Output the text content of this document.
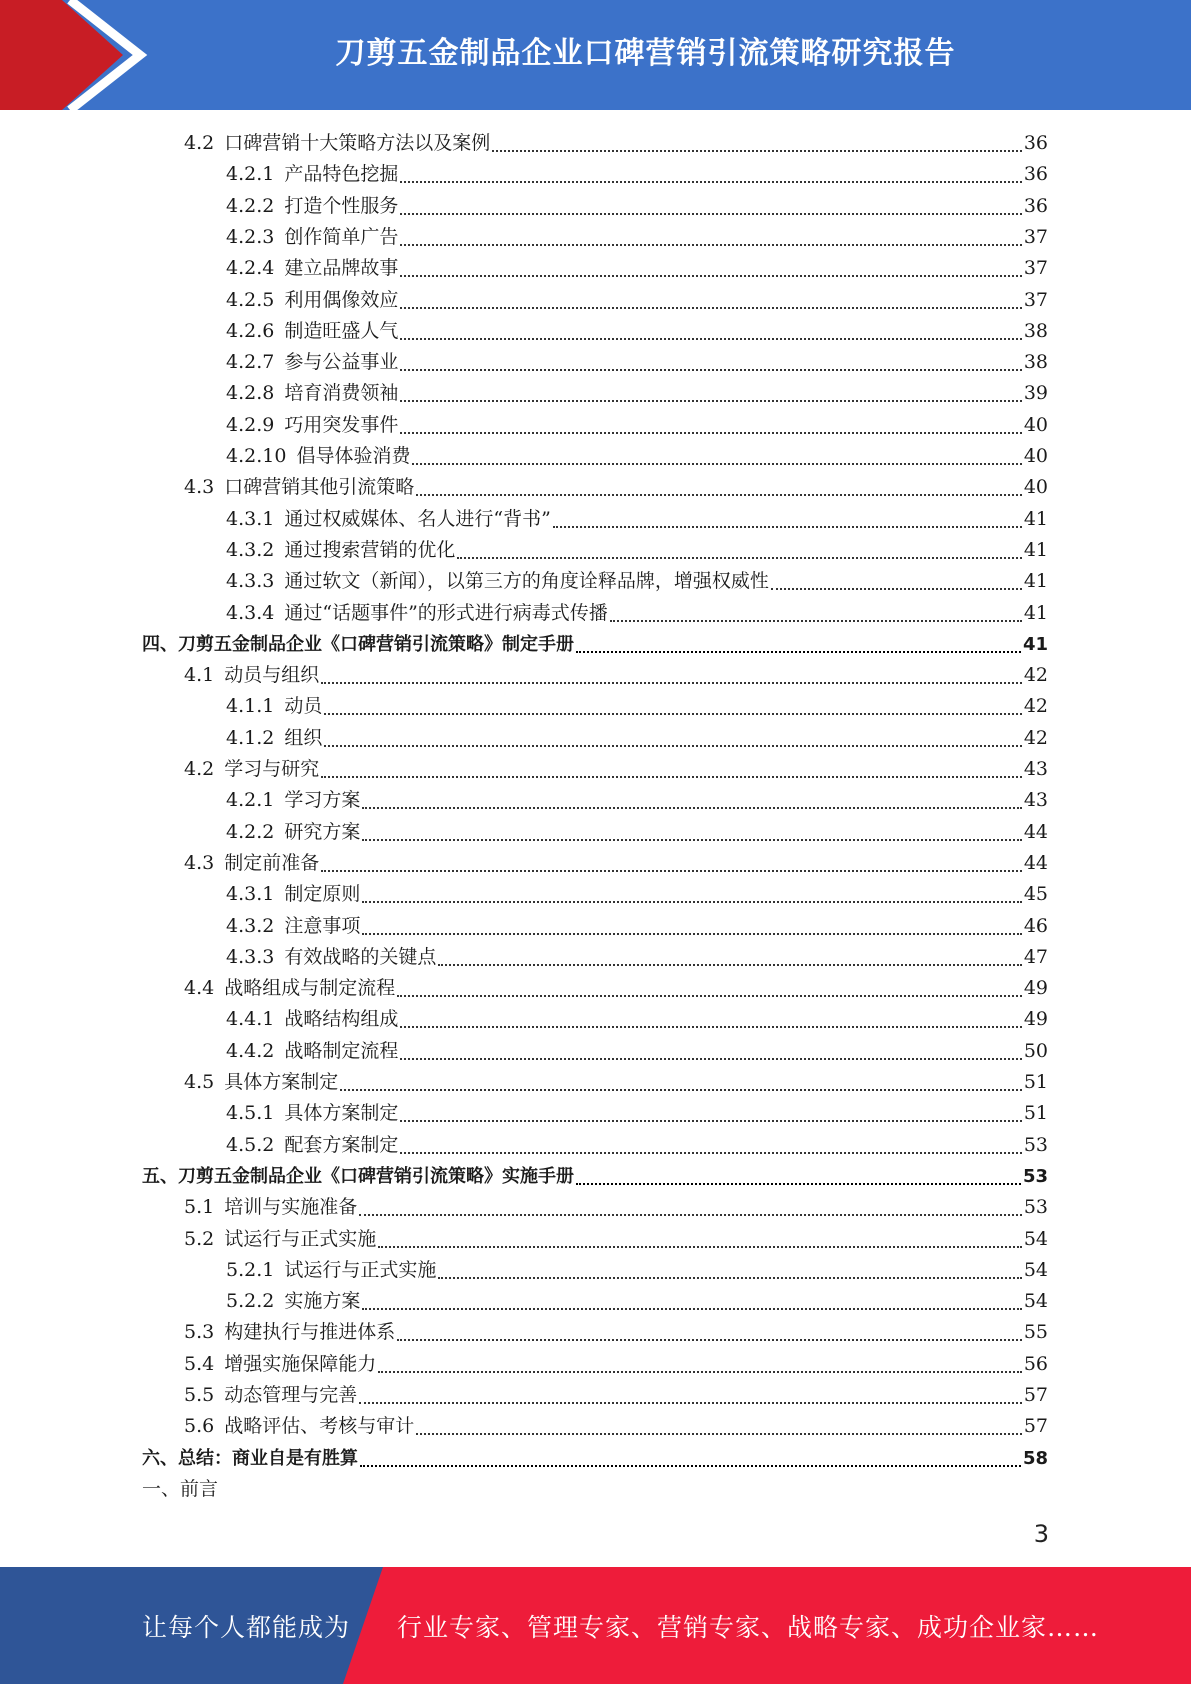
刀剪五金制品企业口碑营销引流策略研究报告
4.2 口碑营销十大策略方法以及案例	36
4.2.1 产品特色挖掘	36
4.2.2 打造个性服务	36
4.2.3 创作简单广告	37
4.2.4 建立品牌故事	37
4.2.5 利用偶像效应	37
4.2.6 制造旺盛人气	38
4.2.7 参与公益事业	38
4.2.8 培育消费领袖	39
4.2.9 巧用突发事件	40
4.2.10 倡导体验消费	40
4.3 口碑营销其他引流策略	40
4.3.1 通过权威媒体、名人进行“背书”	41
4.3.2 通过搜索营销的优化	41
4.3.3 通过软文（新闻），以第三方的角度诠释品牌，增强权威性	41
4.3.4 通过“话题事件”的形式进行病毒式传播	41
四、刀剪五金制品企业《口碑营销引流策略》制定手册	41
4.1 动员与组织	42
4.1.1 动员	42
4.1.2 组织	42
4.2 学习与研究	43
4.2.1 学习方案	43
4.2.2 研究方案	44
4.3 制定前准备	44
4.3.1 制定原则	45
4.3.2 注意事项	46
4.3.3 有效战略的关键点	47
4.4 战略组成与制定流程	49
4.4.1 战略结构组成	49
4.4.2 战略制定流程	50
4.5 具体方案制定	51
4.5.1 具体方案制定	51
4.5.2 配套方案制定	53
五、刀剪五金制品企业《口碑营销引流策略》实施手册	53
5.1 培训与实施准备	53
5.2 试运行与正式实施	54
5.2.1 试运行与正式实施	54
5.2.2 实施方案	54
5.3 构建执行与推进体系	55
5.4 增强实施保障能力	56
5.5 动态管理与完善	57
5.6 战略评估、考核与审计	57
六、总结：商业自是有胜算	58
一、前言
3
让每个人都能成为 行业专家、管理专家、营销专家、战略专家、成功企业家……
